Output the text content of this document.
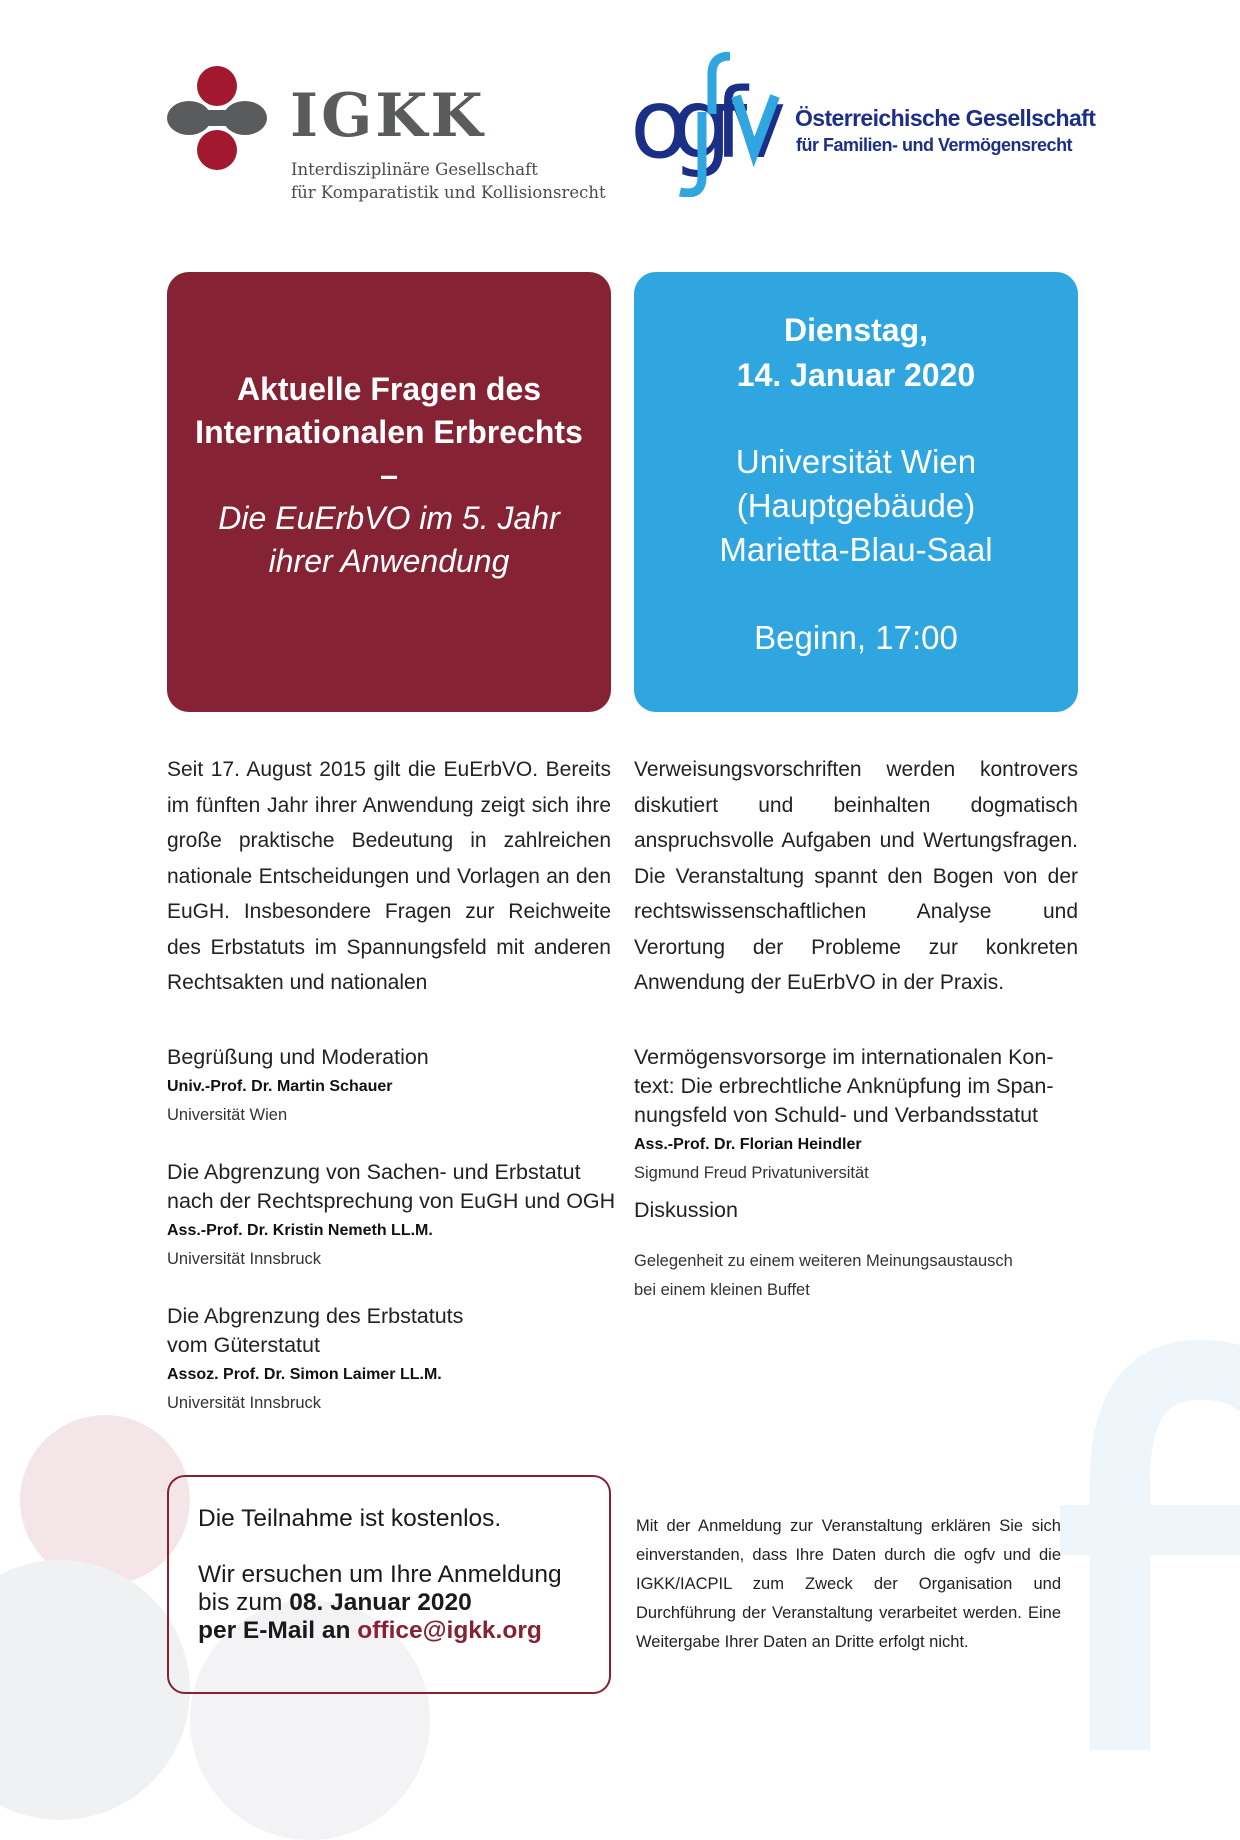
IGKK
Interdisziplinäre Gesellschaft
für Komparatistik und Kollisionsrecht
ogfv	Österreichische Gesellschaft
für Familien- und Vermögensrecht
Aktuelle Fragen des
Internationalen Erbrechts
–
Die EuErbVO im 5. Jahr
ihrer Anwendung
Dienstag,
14. Januar 2020
Universität Wien
(Hauptgebäude)
Marietta-Blau-Saal
Beginn, 17:00
Seit 17. August 2015 gilt die EuErbVO. Bereits im fünften Jahr ihrer Anwendung zeigt sich ihre große praktische Bedeutung in zahlreichen nationale Entscheidungen und Vorlagen an den EuGH. Insbesondere Fragen zur Reichweite des Erbstatuts im Spannungsfeld mit anderen Rechtsakten und nationalen
Verweisungsvorschriften werden kontrovers diskutiert und beinhalten dogmatisch anspruchsvolle Aufgaben und Wertungsfragen. Die Veranstaltung spannt den Bogen von der rechtswissenschaftlichen Analyse und Verortung der Probleme zur konkreten Anwendung der EuErbVO in der Praxis.
Begrüßung und Moderation
Univ.-Prof. Dr. Martin Schauer
Universität Wien
Die Abgrenzung von Sachen- und Erbstatut
nach der Rechtsprechung von EuGH und OGH
Ass.-Prof. Dr. Kristin Nemeth LL.M.
Universität Innsbruck
Die Abgrenzung des Erbstatuts
vom Güterstatut
Assoz. Prof. Dr. Simon Laimer LL.M.
Universität Innsbruck
Vermögensvorsorge im internationalen Kon-
text: Die erbrechtliche Anknüpfung im Span-
nungsfeld von Schuld- und Verbandsstatut
Ass.-Prof. Dr. Florian Heindler
Sigmund Freud Privatuniversität
Diskussion
Gelegenheit zu einem weiteren Meinungsaustausch
bei einem kleinen Buffet
Die Teilnahme ist kostenlos.
Wir ersuchen um Ihre Anmeldung
bis zum 08. Januar 2020
per E-Mail an office@igkk.org
Mit der Anmeldung zur Veranstaltung erklären Sie sich einverstanden, dass Ihre Daten durch die ogfv und die IGKK/IACPIL zum Zweck der Organisation und Durchführung der Veranstaltung verarbeitet werden. Eine Weitergabe Ihrer Daten an Dritte erfolgt nicht.
